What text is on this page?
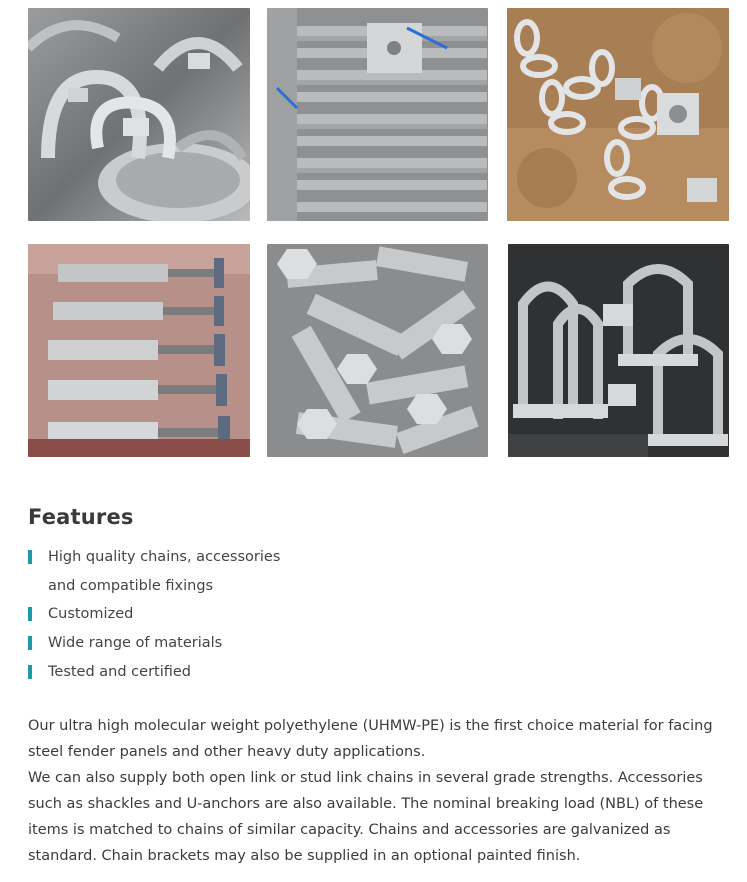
Features
High quality chains, accessories and compatible fixings
Customized
Wide range of materials
Tested and certified

Our ultra high molecular weight polyethylene (UHMW-PE) is the first choice material for facing steel fender panels and other heavy duty applications.

We can also supply both open link or stud link chains in several grade strengths. Accessories such as shackles and U-anchors are also available. The nominal breaking load (NBL) of these items is matched to chains of similar capacity. Chains and accessories are galvanized as standard. Chain brackets may also be supplied in an optional painted finish.
